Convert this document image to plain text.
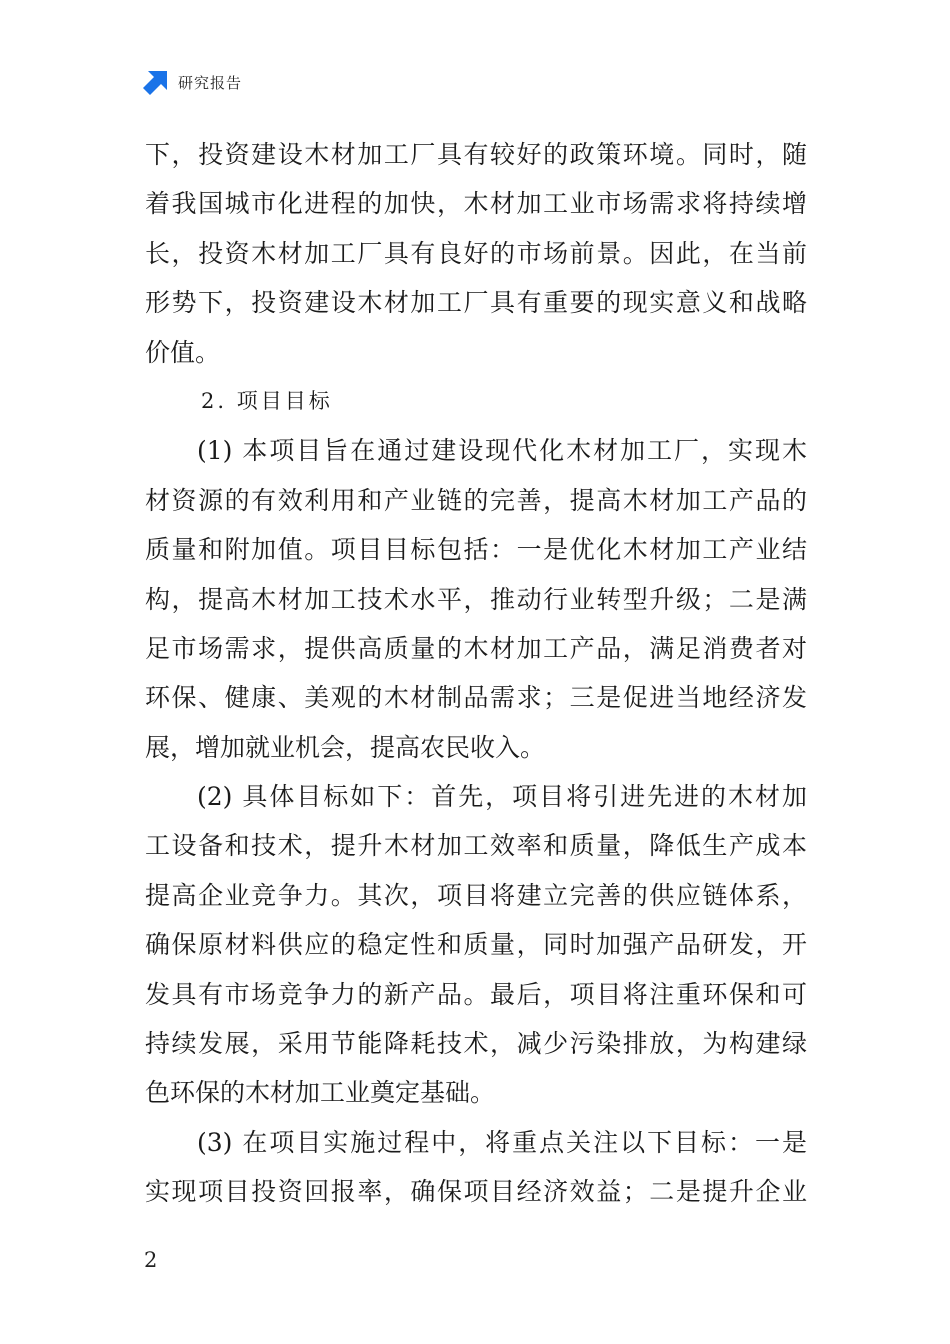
研究报告
下，投资建设木材加工厂具有较好的政策环境。同时，随
着我国城市化进程的加快，木材加工业市场需求将持续增
长，投资木材加工厂具有良好的市场前景。因此，在当前
形势下，投资建设木材加工厂具有重要的现实意义和战略
价值。
2. 项目目标
(1) 本项目旨在通过建设现代化木材加工厂，实现木
材资源的有效利用和产业链的完善，提高木材加工产品的
质量和附加值。项目目标包括：一是优化木材加工产业结
构，提高木材加工技术水平，推动行业转型升级；二是满
足市场需求，提供高质量的木材加工产品，满足消费者对
环保、健康、美观的木材制品需求；三是促进当地经济发
展，增加就业机会，提高农民收入。
(2) 具体目标如下：首先，项目将引进先进的木材加
工设备和技术，提升木材加工效率和质量，降低生产成本
提高企业竞争力。其次，项目将建立完善的供应链体系，
确保原材料供应的稳定性和质量，同时加强产品研发，开
发具有市场竞争力的新产品。最后，项目将注重环保和可
持续发展，采用节能降耗技术，减少污染排放，为构建绿
色环保的木材加工业奠定基础。
(3) 在项目实施过程中，将重点关注以下目标：一是
实现项目投资回报率，确保项目经济效益；二是提升企业
2
